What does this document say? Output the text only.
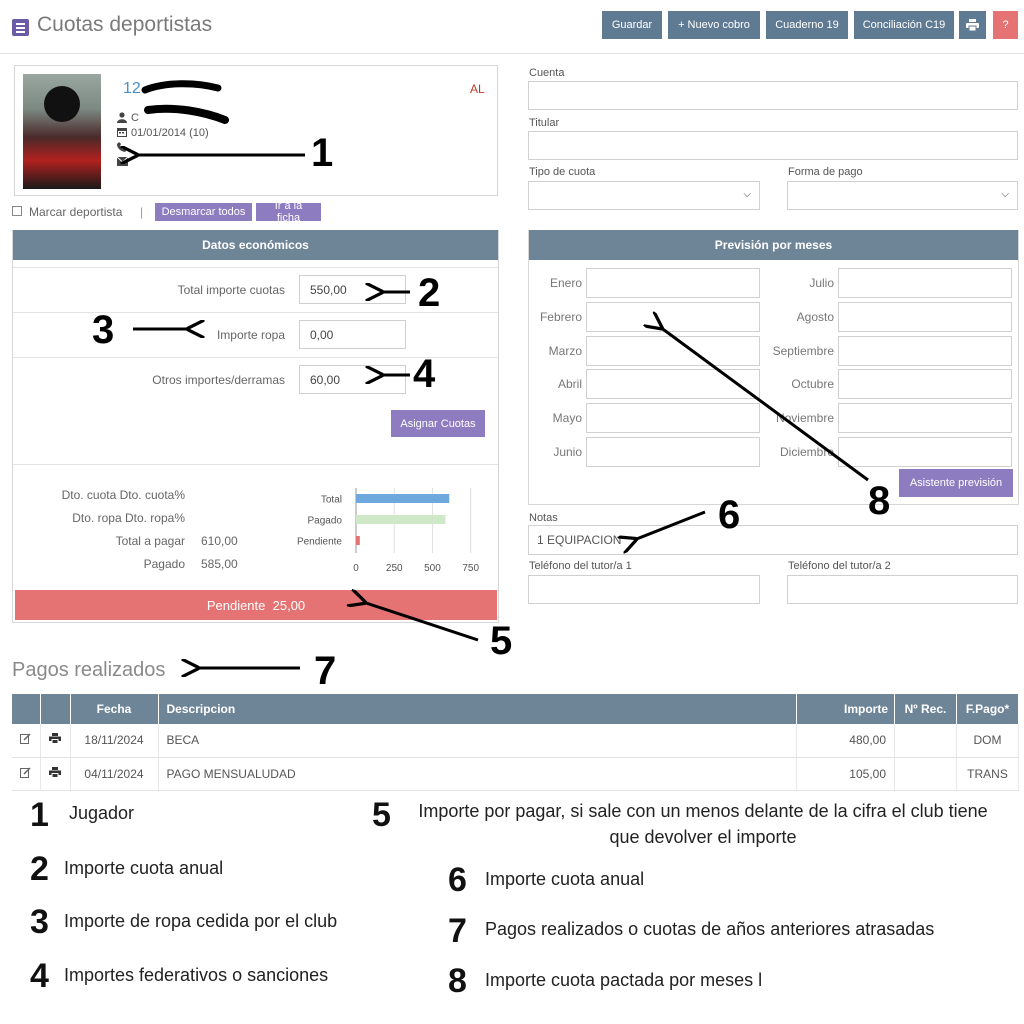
Cuotas deportistas	Guardar	+ Nuevo cobro	Cuaderno 19	Conciliación C19	?
12	AL
C
01/01/2014 (10)
Marcar deportista |	Desmarcar todos	Ir a la ficha
Datos económicos
Total importe cuotas	550,00
Importe ropa	0,00
Otros importes/derramas	60,00
Asignar Cuotas
Dto. cuota Dto. cuota%
Dto. ropa Dto. ropa%
Total a pagar 610,00
Pagado 585,00	0	250 500 750
Total
Pagado
Pendiente
Pendiente
25,00
Cuenta
Titular
Tipo de cuota
⌵
Forma de pago
⌵
Previsión por meses
Enero
Febrero
Marzo
Abril
Mayo
Junio
Julio
Agosto
Septiembre
Octubre
Noviembre
Diciembre
Asistente previsión
Notas
1 EQUIPACION
Teléfono del tutor/a 1	Teléfono del tutor/a 2
Pagos realizados
		Fecha	Descripcion	Importe	Nº Rec.	F.Pago*
		18/11/2024	BECA	480,00		DOM
		04/11/2024	PAGO MENSUALUDAD	105,00		TRANS
1
2
3
4
5
6
7
8
1 Jugador
2 Importe cuota anual
3 Importe de ropa cedida por el club
4 Importes federativos o sanciones
5	Importe por pagar, si sale con un menos delante de la cifra el club tiene que devolver el importe
6 Importe cuota anual
7 Pagos realizados o cuotas de años anteriores atrasadas
8 Importe cuota pactada por meses l
